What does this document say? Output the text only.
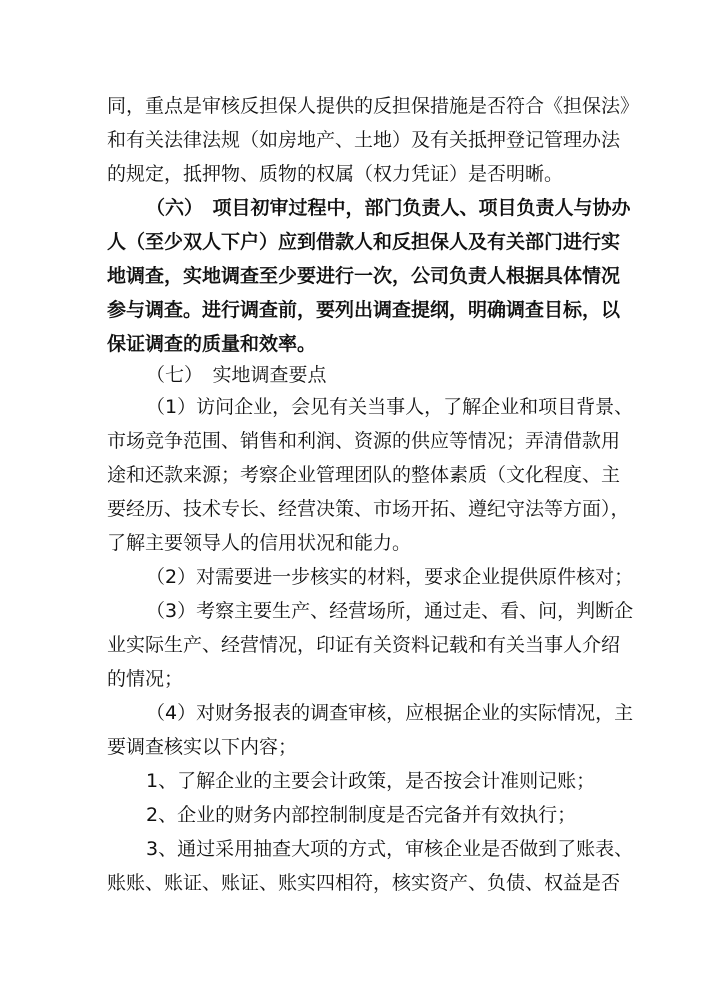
同，重点是审核反担保人提供的反担保措施是否符合《担保法》
和有关法律法规（如房地产、土地）及有关抵押登记管理办法
的规定，抵押物、质物的权属（权力凭证）是否明晰。
（六）　项目初审过程中，部门负责人、项目负责人与协办
人（至少双人下户）应到借款人和反担保人及有关部门进行实
地调查，实地调查至少要进行一次，公司负责人根据具体情况
参与调查。进行调查前，要列出调查提纲，明确调查目标，以
保证调查的质量和效率。
（七）　实地调查要点
（1）访问企业，会见有关当事人，了解企业和项目背景、
市场竞争范围、销售和利润、资源的供应等情况；弄清借款用
途和还款来源；考察企业管理团队的整体素质（文化程度、主
要经历、技术专长、经营决策、市场开拓、遵纪守法等方面），
了解主要领导人的信用状况和能力。
（2）对需要进一步核实的材料，要求企业提供原件核对；
（3）考察主要生产、经营场所，通过走、看、问，判断企
业实际生产、经营情况，印证有关资料记载和有关当事人介绍
的情况；
（4）对财务报表的调查审核，应根据企业的实际情况，主
要调查核实以下内容；
1、了解企业的主要会计政策，是否按会计准则记账；
2、企业的财务内部控制制度是否完备并有效执行；
3、通过采用抽查大项的方式，审核企业是否做到了账表、
账账、账证、账证、账实四相符，核实资产、负债、权益是否
